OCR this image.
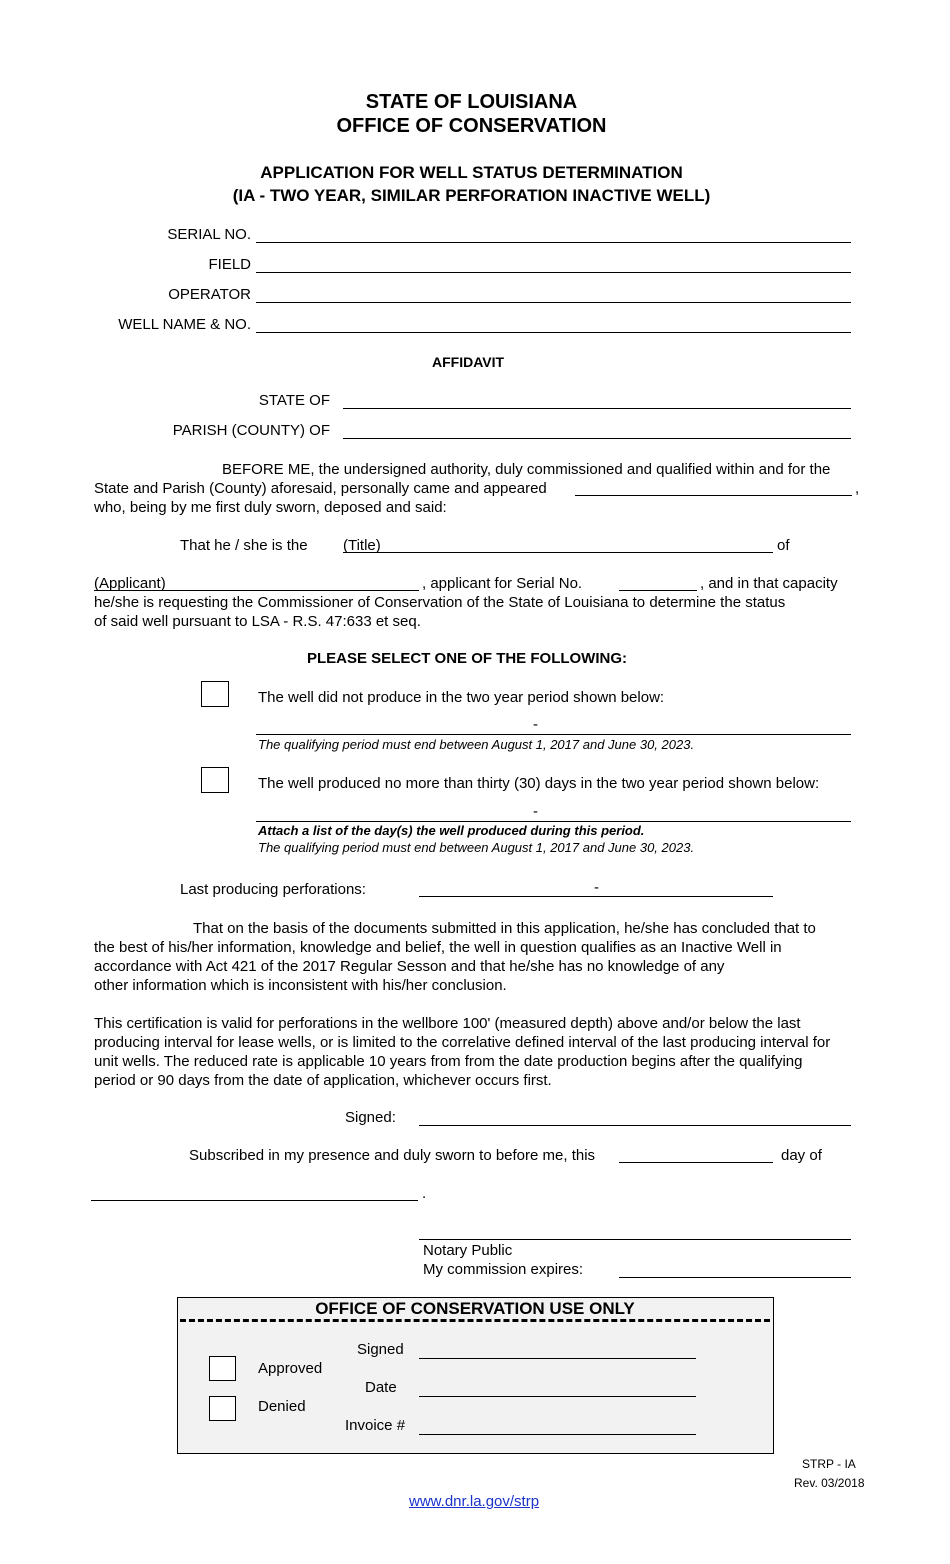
STATE OF LOUISIANA
OFFICE OF CONSERVATION
APPLICATION FOR WELL STATUS DETERMINATION
(IA - TWO YEAR, SIMILAR PERFORATION INACTIVE WELL)
SERIAL NO.
FIELD
OPERATOR
WELL NAME & NO.
AFFIDAVIT
STATE OF
PARISH (COUNTY) OF
BEFORE ME, the undersigned authority, duly commissioned and qualified within and for the
State and Parish (County) aforesaid, personally came and appeared	,
who, being by me first duly sworn, deposed and said:
That he / she is the (Title)	of
(Applicant)	, applicant for Serial No.	, and in that capacity
he/she is requesting the Commissioner of Conservation of the State of Louisiana to determine the status
of said well pursuant to LSA - R.S. 47:633 et seq.
PLEASE SELECT ONE OF THE FOLLOWING:
The well did not produce in the two year period shown below:
-
The qualifying period must end between August 1, 2017 and June 30, 2023.
The well produced no more than thirty (30) days in the two year period shown below:
-
Attach a list of the day(s) the well produced during this period.
The qualifying period must end between August 1, 2017 and June 30, 2023.
Last producing perforations:	-
That on the basis of the documents submitted in this application, he/she has concluded that to
the best of his/her information, knowledge and belief, the well in question qualifies as an Inactive Well in
accordance with Act 421 of the 2017 Regular Sesson and that he/she has no knowledge of any
other information which is inconsistent with his/her conclusion.
This certification is valid for perforations in the wellbore 100' (measured depth) above and/or below the last
producing interval for lease wells, or is limited to the correlative defined interval of the last producing interval for
unit wells. The reduced rate is applicable 10 years from from the date production begins after the qualifying
period or 90 days from the date of application, whichever occurs first.
Signed:
Subscribed in my presence and duly sworn to before me, this	day of
.
Notary Public
My commission expires:
OFFICE OF CONSERVATION USE ONLY
Approved
Denied
Signed
Date
Invoice #
STRP - IA
Rev. 03/2018
www.dnr.la.gov/strp
